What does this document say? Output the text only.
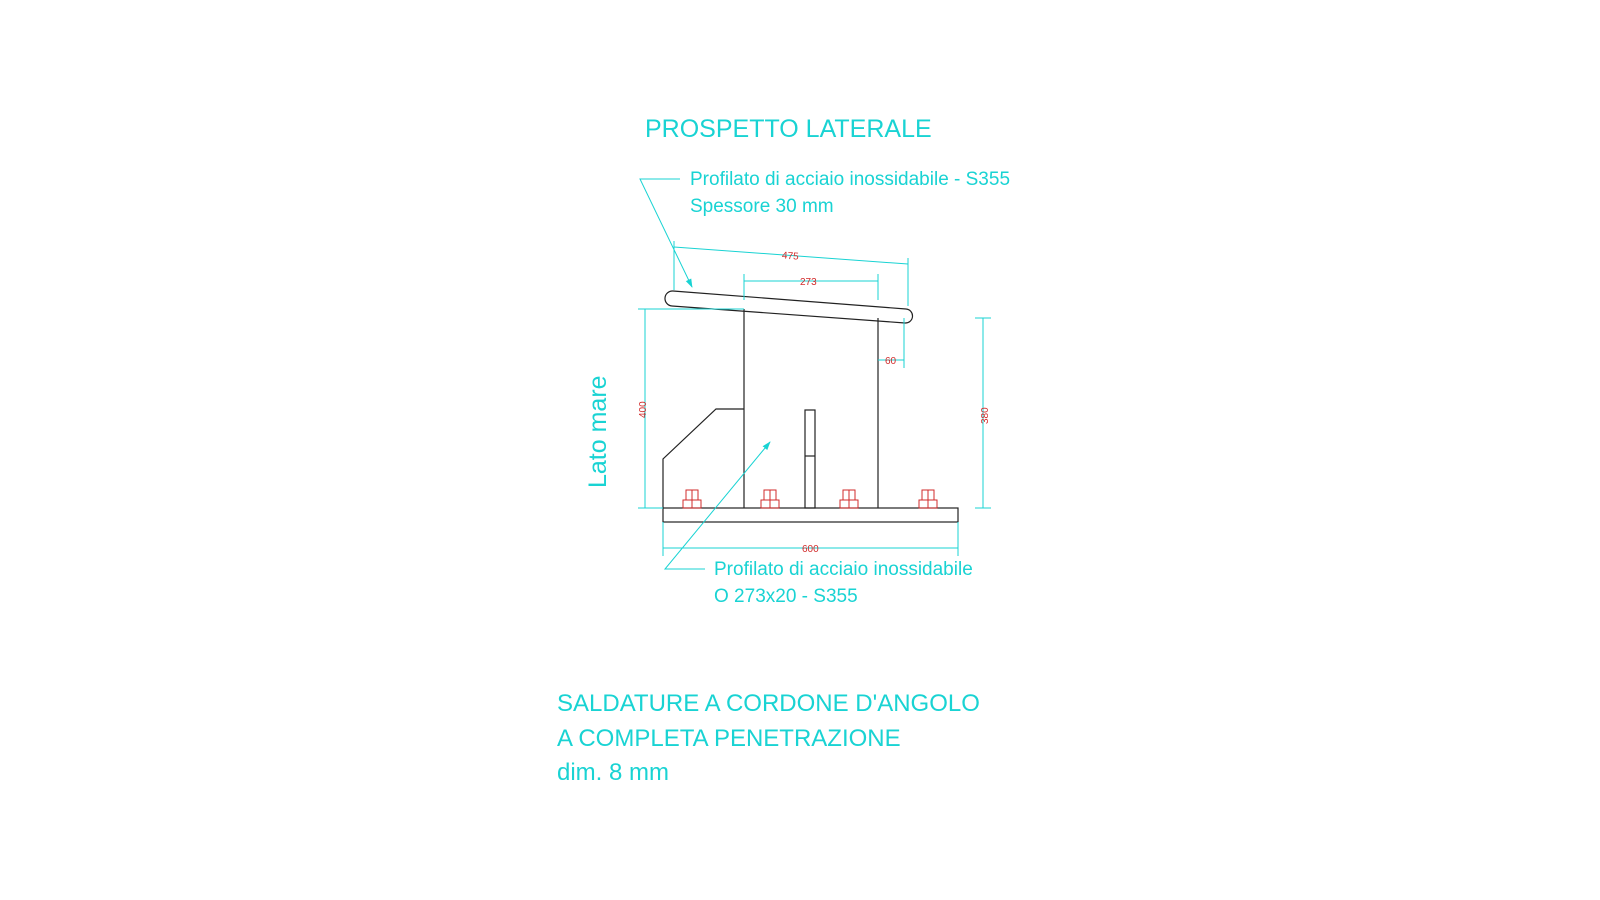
PROSPETTO LATERALE
Profilato di acciaio inossidabile - S355
Spessore 30 mm
Lato mare
475
273
60
400	380
600
Profilato di acciaio inossidabile
O 273x20 - S355
SALDATURE A CORDONE D'ANGOLO
A COMPLETA PENETRAZIONE
dim. 8 mm
